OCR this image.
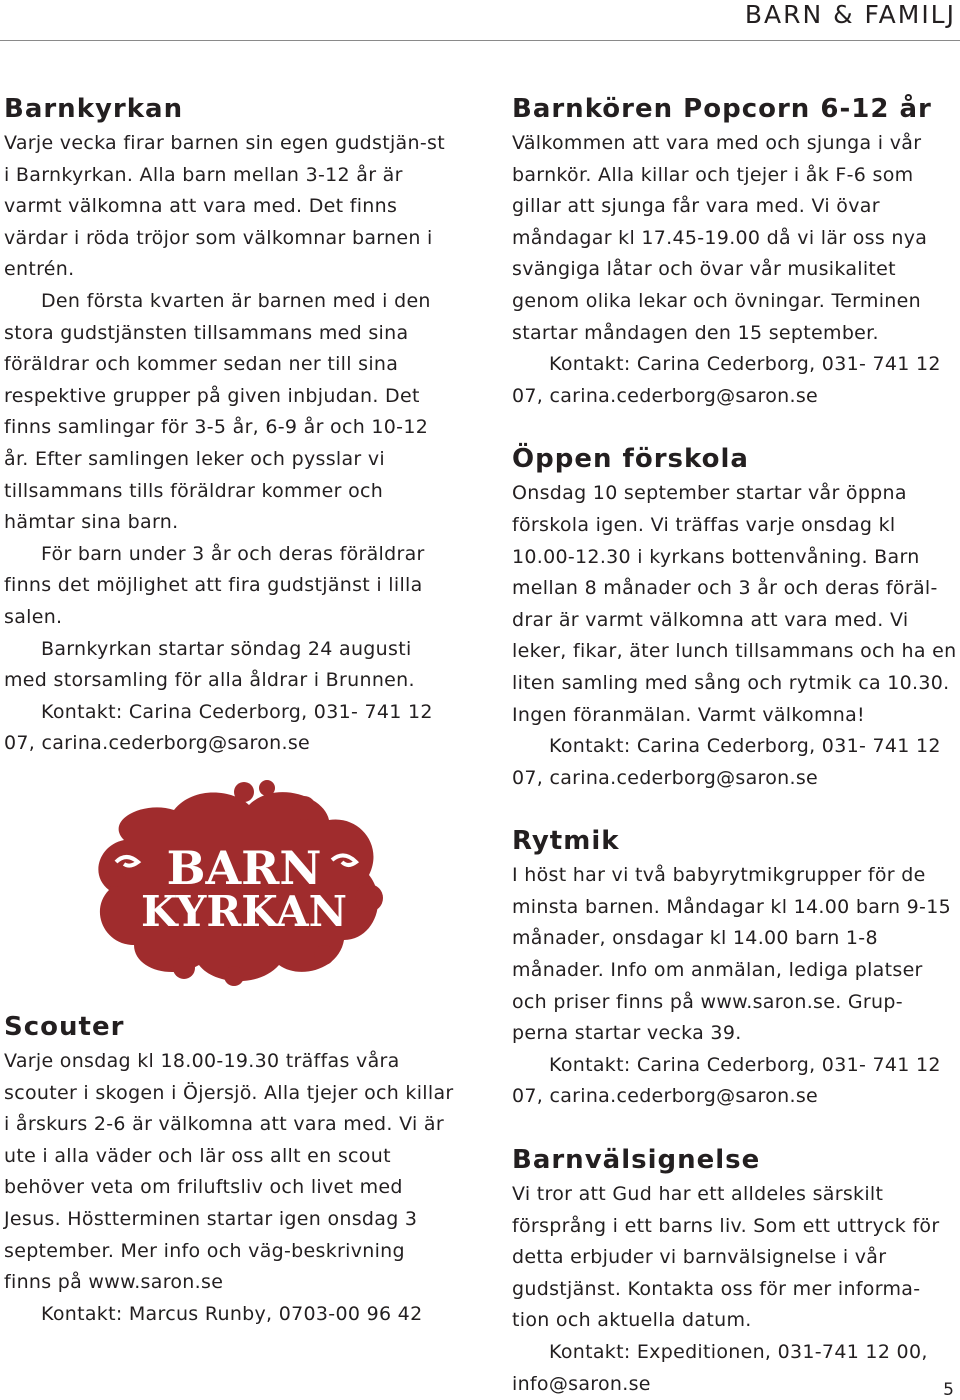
BARN & FAMILJ
Barnkyrkan

Varje vecka firar barnen sin egen gudstjän-st i Barnkyrkan. Alla barn mellan 3-12 år är varmt välkomna att vara med. Det finns värdar i röda tröjor som välkomnar barnen i entrén.

Den första kvarten är barnen med i den stora gudstjänsten tillsammans med sina föräldrar och kommer sedan ner till sina respektive grupper på given inbjudan. Det finns samlingar för 3-5 år, 6-9 år och 10-12 år. Efter samlingen leker och pysslar vi tillsammans tills föräldrar kommer och hämtar sina barn.

För barn under 3 år och deras föräldrar finns det möjlighet att fira gudstjänst i lilla salen.

Barnkyrkan startar söndag 24 augusti med storsamling för alla åldrar i Brunnen.

Kontakt: Carina Cederborg, 031- 741 12 07, carina.cederborg@saron.se

BARN
KYRKAN
Scouter

Varje onsdag kl 18.00-19.30 träffas våra scouter i skogen i Öjersjö. Alla tjejer och killar i årskurs 2-6 är välkomna att vara med. Vi är ute i alla väder och lär oss allt en scout behöver veta om friluftsliv och livet med Jesus. Höstterminen startar igen onsdag 3 september. Mer info och väg-beskrivning finns på www.saron.se

Kontakt: Marcus Runby, 0703-00 96 42

Barnkören Popcorn 6-12 år

Välkommen att vara med och sjunga i vår barnkör. Alla killar och tjejer i åk F-6 som gillar att sjunga får vara med. Vi övar måndagar kl 17.45-19.00 då vi lär oss nya svängiga låtar och övar vår musikalitet genom olika lekar och övningar. Terminen startar måndagen den 15 september.

Kontakt: Carina Cederborg, 031- 741 12 07, carina.cederborg@saron.se

Öppen förskola

Onsdag 10 september startar vår öppna förskola igen. Vi träffas varje onsdag kl 10.00-12.30 i kyrkans bottenvåning. Barn mellan 8 månader och 3 år och deras föräl-drar är varmt välkomna att vara med. Vi leker, fikar, äter lunch tillsammans och ha en liten samling med sång och rytmik ca 10.30. Ingen föranmälan. Varmt välkomna!

Kontakt: Carina Cederborg, 031- 741 12 07, carina.cederborg@saron.se

Rytmik

I höst har vi två babyrytmikgrupper för de minsta barnen. Måndagar kl 14.00 barn 9-15 månader, onsdagar kl 14.00 barn 1-8 månader. Info om anmälan, lediga platser och priser finns på www.saron.se. Grup-perna startar vecka 39.

Kontakt: Carina Cederborg, 031- 741 12 07, carina.cederborg@saron.se

Barnvälsignelse

Vi tror att Gud har ett alldeles särskilt försprång i ett barns liv. Som ett uttryck för detta erbjuder vi barnvälsignelse i vår gudstjänst. Kontakta oss för mer informa-tion och aktuella datum.

Kontakt: Expeditionen, 031-741 12 00, info@saron.se	5
